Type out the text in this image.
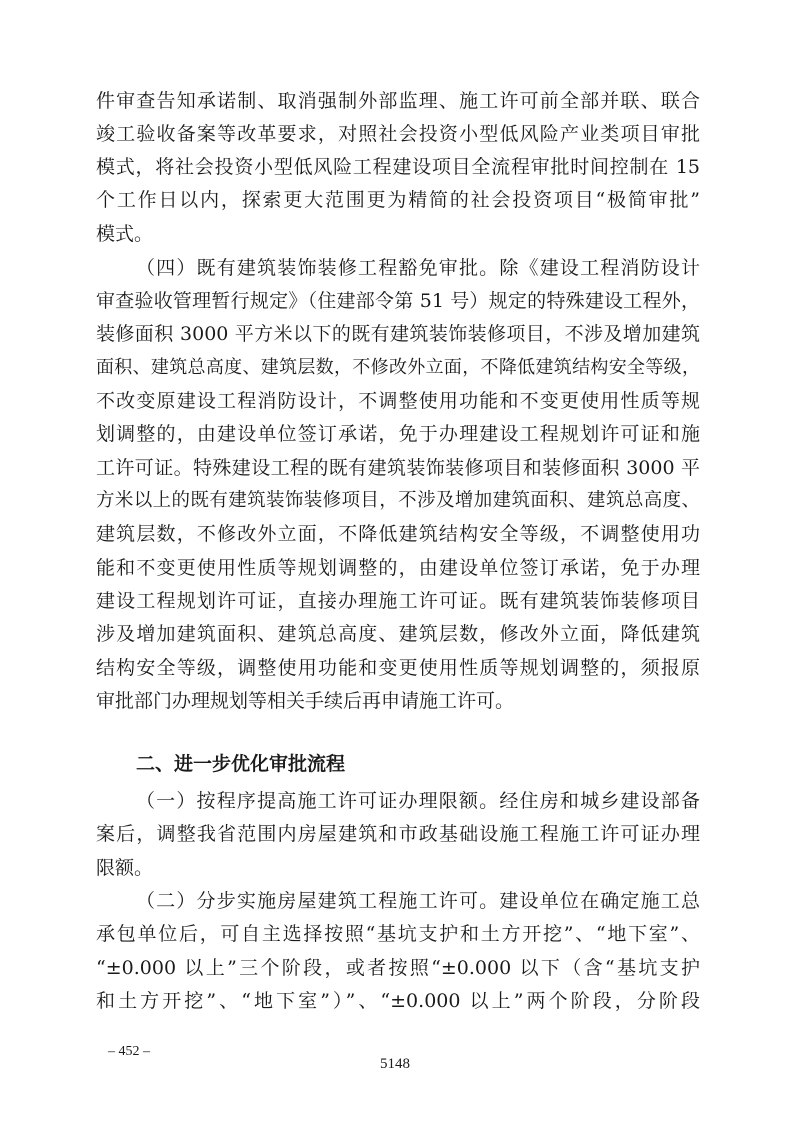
件审查告知承诺制、取消强制外部监理、施工许可前全部并联、联合
竣工验收备案等改革要求，对照社会投资小型低风险产业类项目审批
模式，将社会投资小型低风险工程建设项目全流程审批时间控制在 15
个工作日以内，探索更大范围更为精简的社会投资项目“极简审批”
模式。
（四）既有建筑装饰装修工程豁免审批。除《建设工程消防设计
审查验收管理暂行规定》（住建部令第 51 号）规定的特殊建设工程外，
装修面积 3000 平方米以下的既有建筑装饰装修项目，不涉及增加建筑
面积、建筑总高度、建筑层数，不修改外立面，不降低建筑结构安全等级，
不改变原建设工程消防设计，不调整使用功能和不变更使用性质等规
划调整的，由建设单位签订承诺，免于办理建设工程规划许可证和施
工许可证。特殊建设工程的既有建筑装饰装修项目和装修面积 3000 平
方米以上的既有建筑装饰装修项目，不涉及增加建筑面积、建筑总高度、
建筑层数，不修改外立面，不降低建筑结构安全等级，不调整使用功
能和不变更使用性质等规划调整的，由建设单位签订承诺，免于办理
建设工程规划许可证，直接办理施工许可证。既有建筑装饰装修项目
涉及增加建筑面积、建筑总高度、建筑层数，修改外立面，降低建筑
结构安全等级，调整使用功能和变更使用性质等规划调整的，须报原
审批部门办理规划等相关手续后再申请施工许可。
二、进一步优化审批流程
（一）按程序提高施工许可证办理限额。经住房和城乡建设部备
案后，调整我省范围内房屋建筑和市政基础设施工程施工许可证办理
限额。
（二）分步实施房屋建筑工程施工许可。建设单位在确定施工总
承包单位后，可自主选择按照“基坑支护和土方开挖”、“地下室”、
“±0.000 以上”三个阶段，或者按照“±0.000 以下（含“基坑支护
和土方开挖”、“地下室”）”、“±0.000 以上”两个阶段，分阶段
– 452 –
5148
